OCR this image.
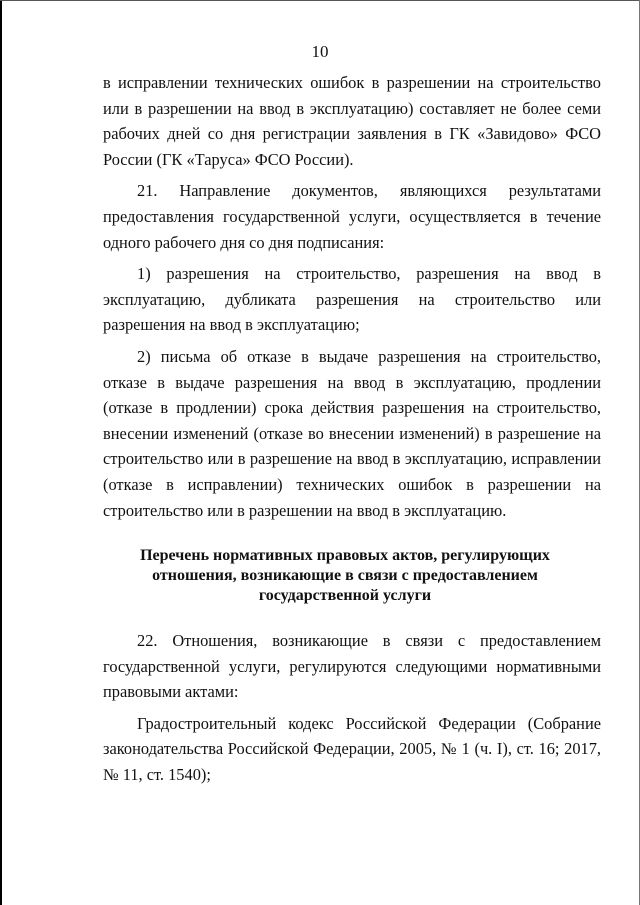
10

в исправлении технических ошибок в разрешении на строительство или в разрешении на ввод в эксплуатацию) составляет не более семи рабочих дней со дня регистрации заявления в ГК «Завидово» ФСО России (ГК «Таруса» ФСО России).

21. Направление документов, являющихся результатами предоставления государственной услуги, осуществляется в течение одного рабочего дня со дня подписания:

1) разрешения на строительство, разрешения на ввод в эксплуатацию, дубликата разрешения на строительство или разрешения на ввод в эксплуатацию;

2) письма об отказе в выдаче разрешения на строительство, отказе в выдаче разрешения на ввод в эксплуатацию, продлении (отказе в продлении) срока действия разрешения на строительство, внесении изменений (отказе во внесении изменений) в разрешение на строительство или в разрешение на ввод в эксплуатацию, исправлении (отказе в исправлении) технических ошибок в разрешении на строительство или в разрешении на ввод в эксплуатацию.

Перечень нормативных правовых актов, регулирующих отношения, возникающие в связи с предоставлением государственной услуги

22. Отношения, возникающие в связи с предоставлением государственной услуги, регулируются следующими нормативными правовыми актами:

Градостроительный кодекс Российской Федерации (Собрание законодательства Российской Федерации, 2005, № 1 (ч. I), ст. 16; 2017, № 11, ст. 1540);
